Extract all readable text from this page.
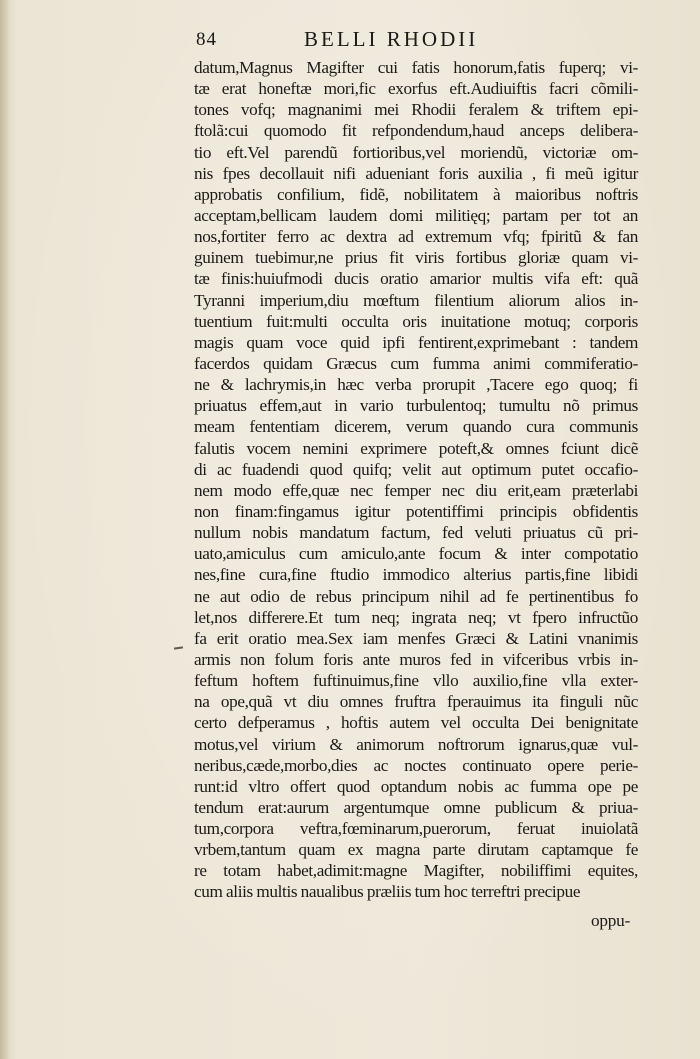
84	BELLI RHODII
datum,Magnus Magifter cui fatis honorum,fatis fuperq; vi-
tæ erat honeftæ mori,fic exorfus eft.Audiuiftis facri cõmili-
tones vofq; magnanimi mei Rhodii feralem & triftem epi-
ftolã:cui quomodo fit refpondendum,haud anceps delibera-
tio eft.Vel parendũ fortioribus,vel moriendũ, victoriæ om-
nis fpes decollauit nifi adueniant foris auxilia , fi meũ igitur
approbatis confilium, fidẽ, nobilitatem à maioribus noftris
acceptam,bellicam laudem domi militięq; partam per tot an
nos,fortiter ferro ac dextra ad extremum vfq; fpiritũ & fan
guinem tuebimur,ne prius fit viris fortibus gloriæ quam vi-
tæ finis:huiufmodi ducis oratio amarior multis vifa eft: quã
Tyranni imperium,diu mœftum filentium aliorum alios in-
tuentium fuit:multi occulta oris inuitatione motuq; corporis
magis quam voce quid ipfi fentirent,exprimebant : tandem
facerdos quidam Græcus cum fumma animi commiferatio-
ne & lachrymis,in hæc verba prorupit ,Tacere ego quoq; fi
priuatus effem,aut in vario turbulentoq; tumultu nõ primus
meam fententiam dicerem, verum quando cura communis
falutis vocem nemini exprimere poteft,& omnes fciunt dicẽ
di ac fuadendi quod quifq; velit aut optimum putet occafio-
nem modo effe,quæ nec femper nec diu erit,eam præterlabi
non finam:fingamus igitur potentiffimi principis obfidentis
nullum nobis mandatum factum, fed veluti priuatus cũ pri-
uato,amiculus cum amiculo,ante focum & inter compotatio
nes,fine cura,fine ftudio immodico alterius partis,fine libidi
ne aut odio de rebus principum nihil ad fe pertinentibus fo
let,nos differere.Et tum neq; ingrata neq; vt fpero infructũo
fa erit oratio mea.Sex iam menfes Græci & Latini vnanimis
armis non folum foris ante muros fed in vifceribus vrbis in-
feftum hoftem fuftinuimus,fine vllo auxilio,fine vlla exter-
na ope,quã vt diu omnes fruftra fperauimus ita finguli nũc
certo defperamus , hoftis autem vel occulta Dei benignitate
motus,vel virium & animorum noftrorum ignarus,quæ vul-
neribus,cæde,morbo,dies ac noctes continuato opere perie-
runt:id vltro offert quod optandum nobis ac fumma ope pe
tendum erat:aurum argentumque omne publicum & priua-
tum,corpora veftra,fœminarum,puerorum, feruat inuiolatã
vrbem,tantum quam ex magna parte dirutam captamque fe
re totam habet,adimit:magne Magifter, nobiliffimi equites,
cum aliis multis naualibus præliis tum hoc terreftri precipue
oppu-
